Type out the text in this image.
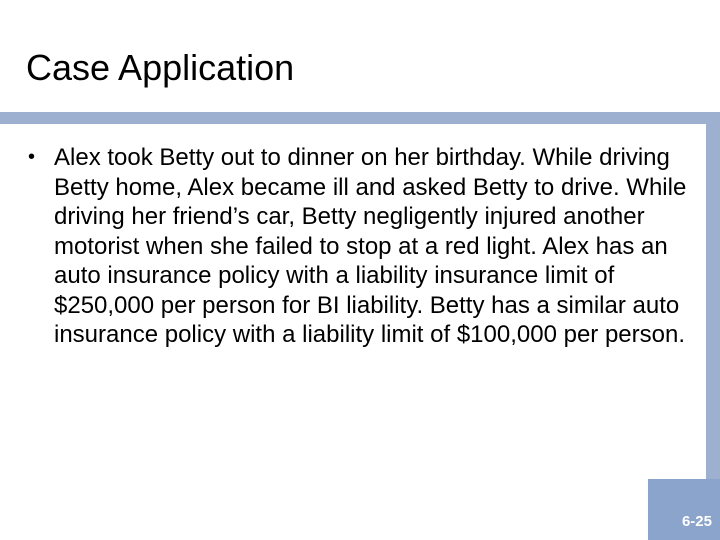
Case Application
• Alex took Betty out to dinner on her birthday. While driving Betty home, Alex became ill and asked Betty to drive. While driving her friend’s car, Betty negligently injured another motorist when she failed to stop at a red light. Alex has an auto insurance policy with a liability insurance limit of $250,000 per person for BI liability. Betty has a similar auto insurance policy with a liability limit of $100,000 per person.
6-25
